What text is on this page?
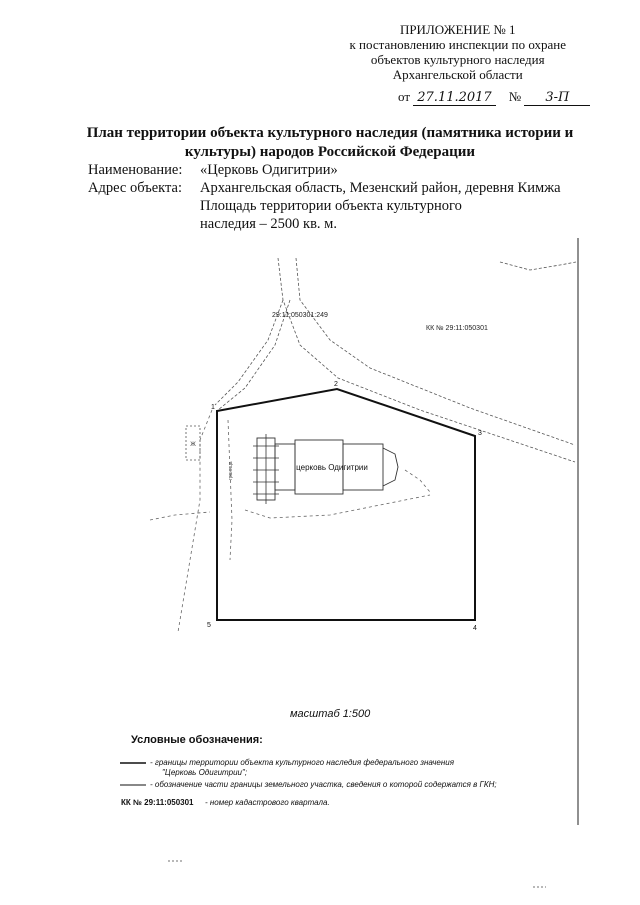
ПРИЛОЖЕНИЕ № 1
к постановлению инспекции по охране
объектов культурного наследия
Архангельской области
от 27.11.2017 № 3-П
План территории объекта культурного наследия (памятника истории и культуры) народов Российской Федерации
Наименование: «Церковь Одигитрии»
Адрес объекта: Архангельская область, Мезенский район, деревня Кимжа
Площадь территории объекта культурного
наследия – 2500 кв. м.
Ж
церковь Одигитрии
29:11:050301:249
КК № 29:11:050301
граница
1
2
3
4
5
масштаб 1:500
Условные обозначения:
- границы территории объекта культурного наследия федерального значения
"Церковь Одигитрии";
- обозначение части границы земельного участка, сведения о которой содержатся в ГКН;
КК № 29:11:050301 - номер кадастрового квартала.
